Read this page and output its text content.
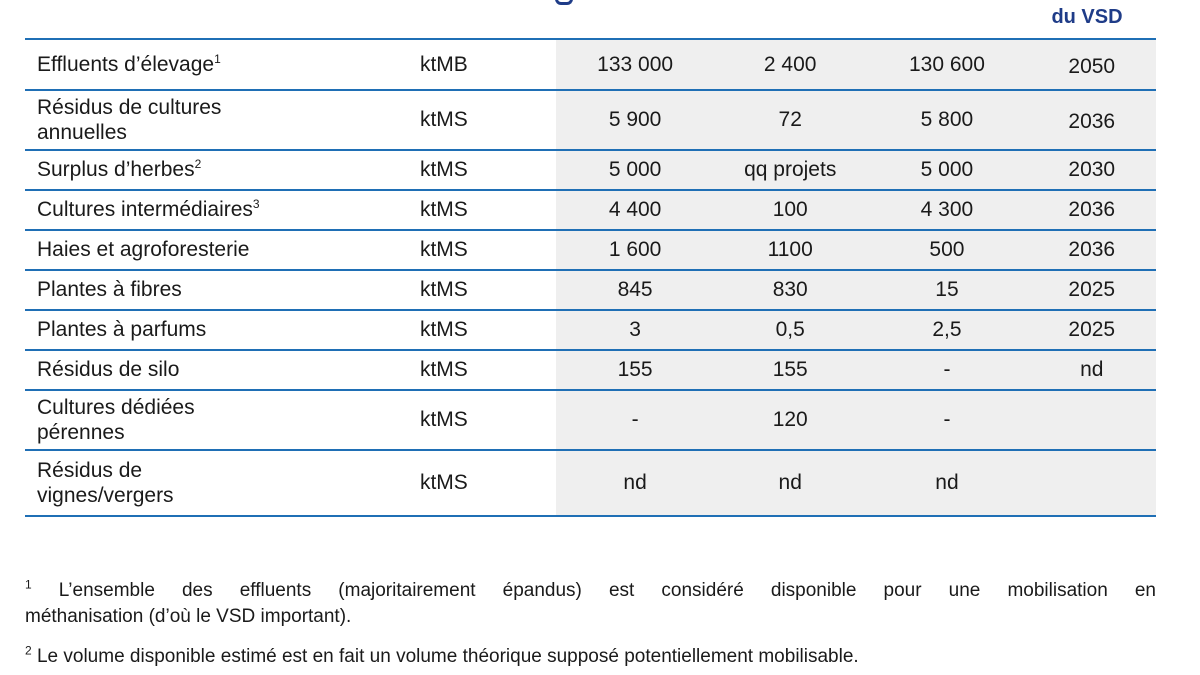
du VSD
Effluents d’élevage$^1$	ktMB	133 000	2 400	130 600	2050
Résidus de cultures
annuelles	ktMS	5 900	72	5 800	2036
Surplus d’herbes$^2$	ktMS	5 000	qq projets	5 000	2030
Cultures intermédiaires$^3$	ktMS	4 400	100	4 300	2036
Haies et agroforesterie	ktMS	1 600	1100	500	2036
Plantes à fibres	ktMS	845	830	15	2025
Plantes à parfums	ktMS	3	0,5	2,5	2025
Résidus de silo	ktMS	155	155	-	nd
Cultures dédiées
pérennes	ktMS	-	120	-	
Résidus de
vignes/vergers	ktMS	nd	nd	nd	
$^1$ L’ensemble des effluents (majoritairement épandus) est considéré disponible pour une mobilisation en
méthanisation (d’où le VSD important).

$^2$ Le volume disponible estimé est en fait un volume théorique supposé potentiellement mobilisable.
